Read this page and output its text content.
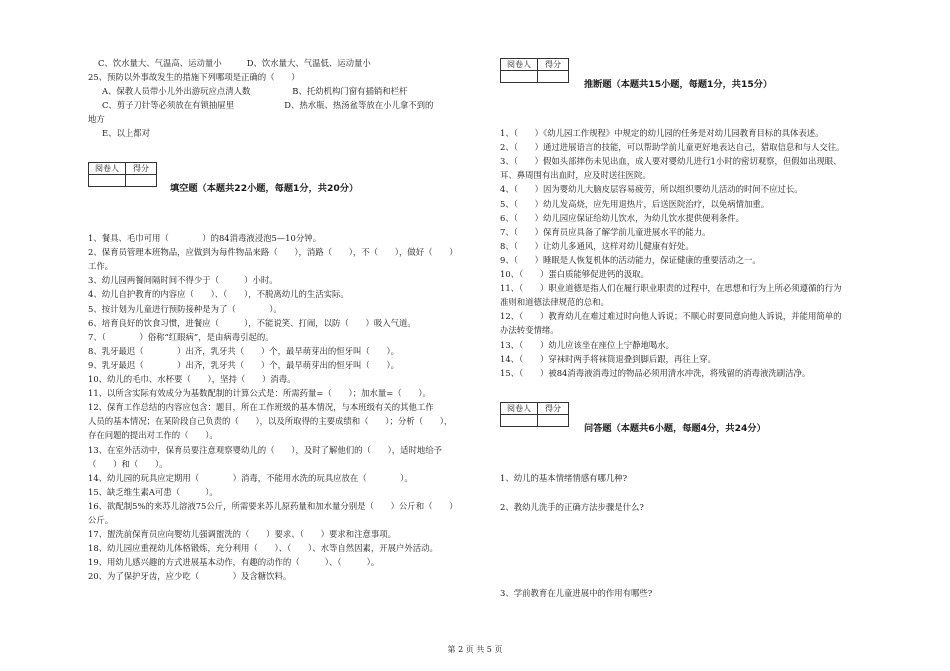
C、饮水量大、气温高、运动量小　　　D、饮水量大、气温低、运动量小
25、预防以外事故发生的措施下列哪项是正确的（　　）
A、保教人员带小儿外出游玩应点清人数　　　　　B、托幼机构门窗有插销和栏杆
C、剪子刀针等必须放在有锁抽屉里　　　　　　D、热水瓶、热汤盆等放在小儿拿不到的
地方
E、以上都对
阅卷人	得分

填空题（本题共22小题，每题1分，共20分）
1、餐具、毛巾可用（　　　　）的84消毒液浸泡5—10分钟。
2、保育员管理本班物品，应做到为每件物品来路（　　），消路（　　），不（　　），做好（　　）
工作。
3、幼儿园两餐间隔时间不得少于（　　　）小时。
4、幼儿自护教育的内容应（　　）、（　　），不脱离幼儿的生活实际。
5、按计划为儿童进行预防接种是为了（　　　　）。
6、培育良好的饮食习惯，进餐应（　　　），不能说笑、打闹，以防（　　）吸入气道。
7、（　　　　）俗称“红眼病”，是由病毒引起的。
8、乳牙最迟（　　　　）出齐，乳牙共（　　）个，最早萌芽出的恒牙叫（　　）。
9、乳牙最迟（　　　　）出齐，乳牙共（　　）个，最早萌芽出的恒牙叫（　　）。
10、幼儿的毛巾、水杯要（　　），坚持（　　）消毒。
11、以所含实际有效成分为基数配制的计算公式是：所需药量=（　　）；加水量=（　　）。
12、保育工作总结的内容应包含：题目，所在工作班级的基本情况，与本班级有关的其他工作
人员的基本情况；在某阶段自己负责的（　　），以及所取得的主要成绩和（　　）；分析（　　），
存在问题的提出对工作的（　　）。
13、在室外活动中，保育员要注意观察婴幼儿的（　　），及时了解他们的（　　），适时地给予
（　　）和（　　）。
14、幼儿园的玩具应定期用（　　　　）消毒，不能用水洗的玩具应放在（　　　　）。
15、缺乏维生素A可患（　　　）。
16、欲配制5%的来苏儿溶液75公斤，所需要来苏儿原药量和加水量分别是（　　）公斤和（　　）
公斤。
17、盥洗前保育员应向婴幼儿强调盥洗的（　　）要求、（　　）要求和注意事项。
18、幼儿园应重视幼儿体格锻炼，充分利用（　　）、（　　）、水等自然因素，开展户外活动。
19、用幼儿感兴趣的方式进展基本动作，有趣的动作的（　　　）、（　　　）。
20、为了保护牙齿，应少吃（　　　　）及含糖饮料。
阅卷人	得分

推断题（本题共15小题，每题1分，共15分）
1、（　　）《幼儿园工作规程》中规定的幼儿园的任务是对幼儿园教育目标的具体表述。
2、（　　）通过进展语言的技能，可以帮助学前儿童更好地表达自己，猎取信息和与人交往。
3、（　　）假如头部摔伤未见出血，成人要对婴幼儿进行1小时的密切观察，但假如出现眼、
耳、鼻周围有出血时，应及时送往医院。
4、（　　）因为婴幼儿大脑皮层容易疲劳，所以组织婴幼儿活动的时间不应过长。
5、（　　）幼儿发高烧，应先用退热片，后送医院治疗，以免病情加重。
6、（　　）幼儿园应保证给幼儿饮水，为幼儿饮水提供便利条件。
7、（　　）保育员应具备了解学前儿童进展水平的能力。
8、（　　）让幼儿多通风，这样对幼儿健康有好处。
9、（　　）睡眠是人恢复机体的活动能力，保证健康的重要活动之一。
10、（　　）蛋白质能够促进钙的汲取。
11、（　　）职业道德是指人们在履行职业职责的过程中，在思想和行为上所必须遵循的行为
准则和道德法律规范的总和。
12、（　　）教育幼儿在难过难过时向他人诉说；不顺心时要同意向他人诉说，并能用简单的
办法转变情绪。
13、（　　）幼儿应该坐在座位上宁静地喝水。
14、（　　）穿袜时两手将袜筒退叠到脚后跟，再往上穿。
15、（　　）被84消毒液消毒过的物品必须用清水冲洗，将残留的消毒液洗刷洁净。
阅卷人	得分

问答题（本题共6小题，每题4分，共24分）
1、幼儿的基本情绪情感有哪几种?
2、教幼儿洗手的正确方法步骤是什么?
3、学前教育在儿童进展中的作用有哪些?
第 2 页 共 5 页
